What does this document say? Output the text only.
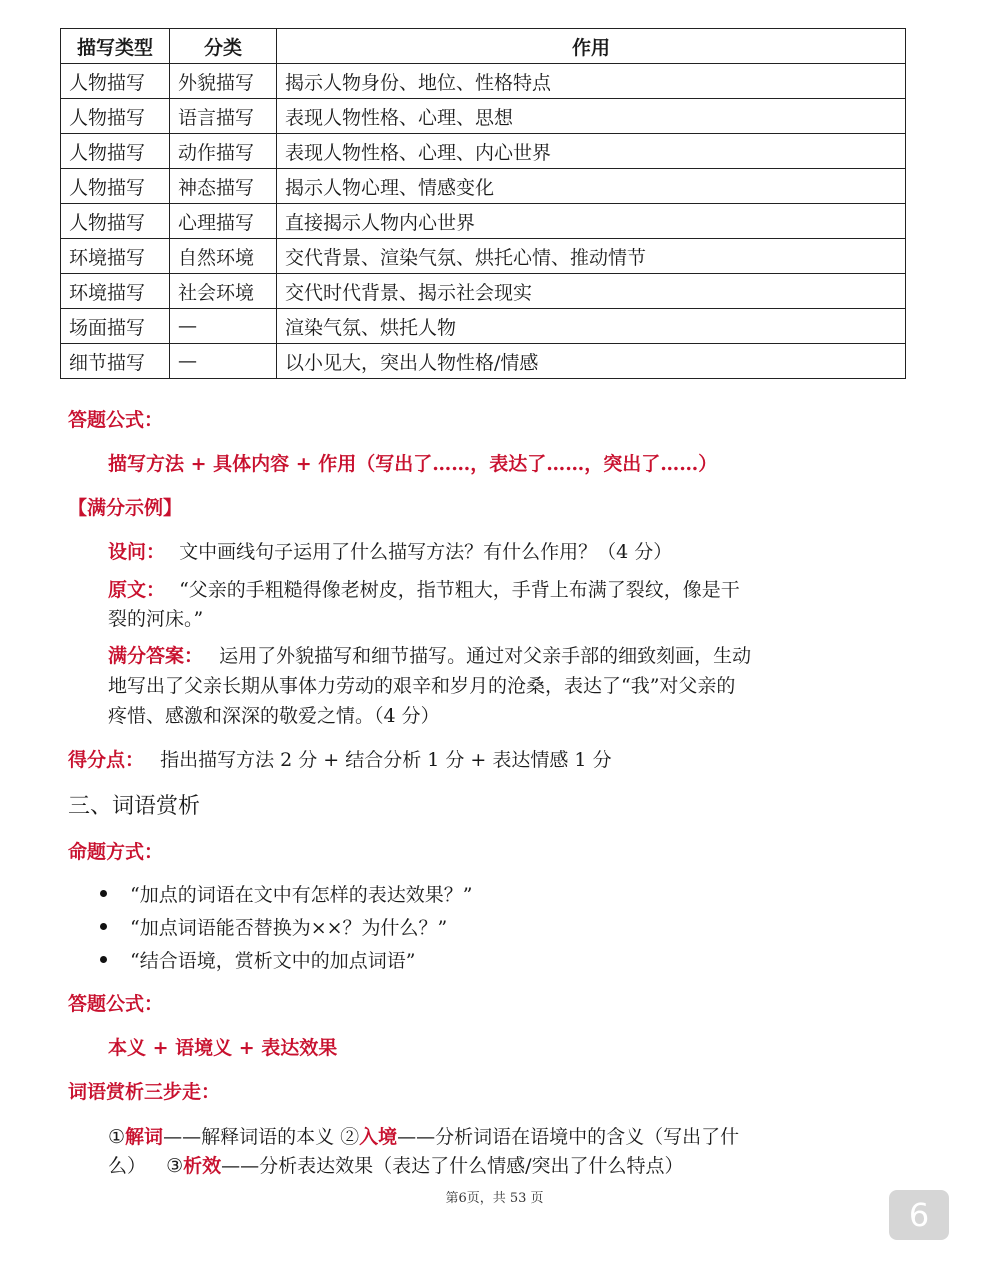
描写类型	分类	作用
人物描写	外貌描写	揭示人物身份、地位、性格特点
人物描写	语言描写	表现人物性格、心理、思想
人物描写	动作描写	表现人物性格、心理、内心世界
人物描写	神态描写	揭示人物心理、情感变化
人物描写	心理描写	直接揭示人物内心世界
环境描写	自然环境	交代背景、渲染气氛、烘托心情、推动情节
环境描写	社会环境	交代时代背景、揭示社会现实
场面描写	—	渲染气氛、烘托人物
细节描写	—	以小见大，突出人物性格/情感
答题公式：
描写方法 + 具体内容 + 作用（写出了……，表达了……，突出了……）
【满分示例】
设问： 文中画线句子运用了什么描写方法？有什么作用？（4 分）
原文： “父亲的手粗糙得像老树皮，指节粗大，手背上布满了裂纹，像是干
裂的河床。”
满分答案： 运用了外貌描写和细节描写。通过对父亲手部的细致刻画，生动
地写出了父亲长期从事体力劳动的艰辛和岁月的沧桑，表达了“我”对父亲的
疼惜、感激和深深的敬爱之情。（4 分）
得分点： 指出描写方法 2 分 + 结合分析 1 分 + 表达情感 1 分
三、词语赏析
命题方式：
“加点的词语在文中有怎样的表达效果？”
“加点词语能否替换为××？为什么？”
“结合语境，赏析文中的加点词语”
答题公式：
本义 + 语境义 + 表达效果
词语赏析三步走：
①解词——解释词语的本义 ②入境——分析词语在语境中的含义（写出了什
么） ③析效——分析表达效果（表达了什么情感/突出了什么特点）
第6页，共 53 页	6
